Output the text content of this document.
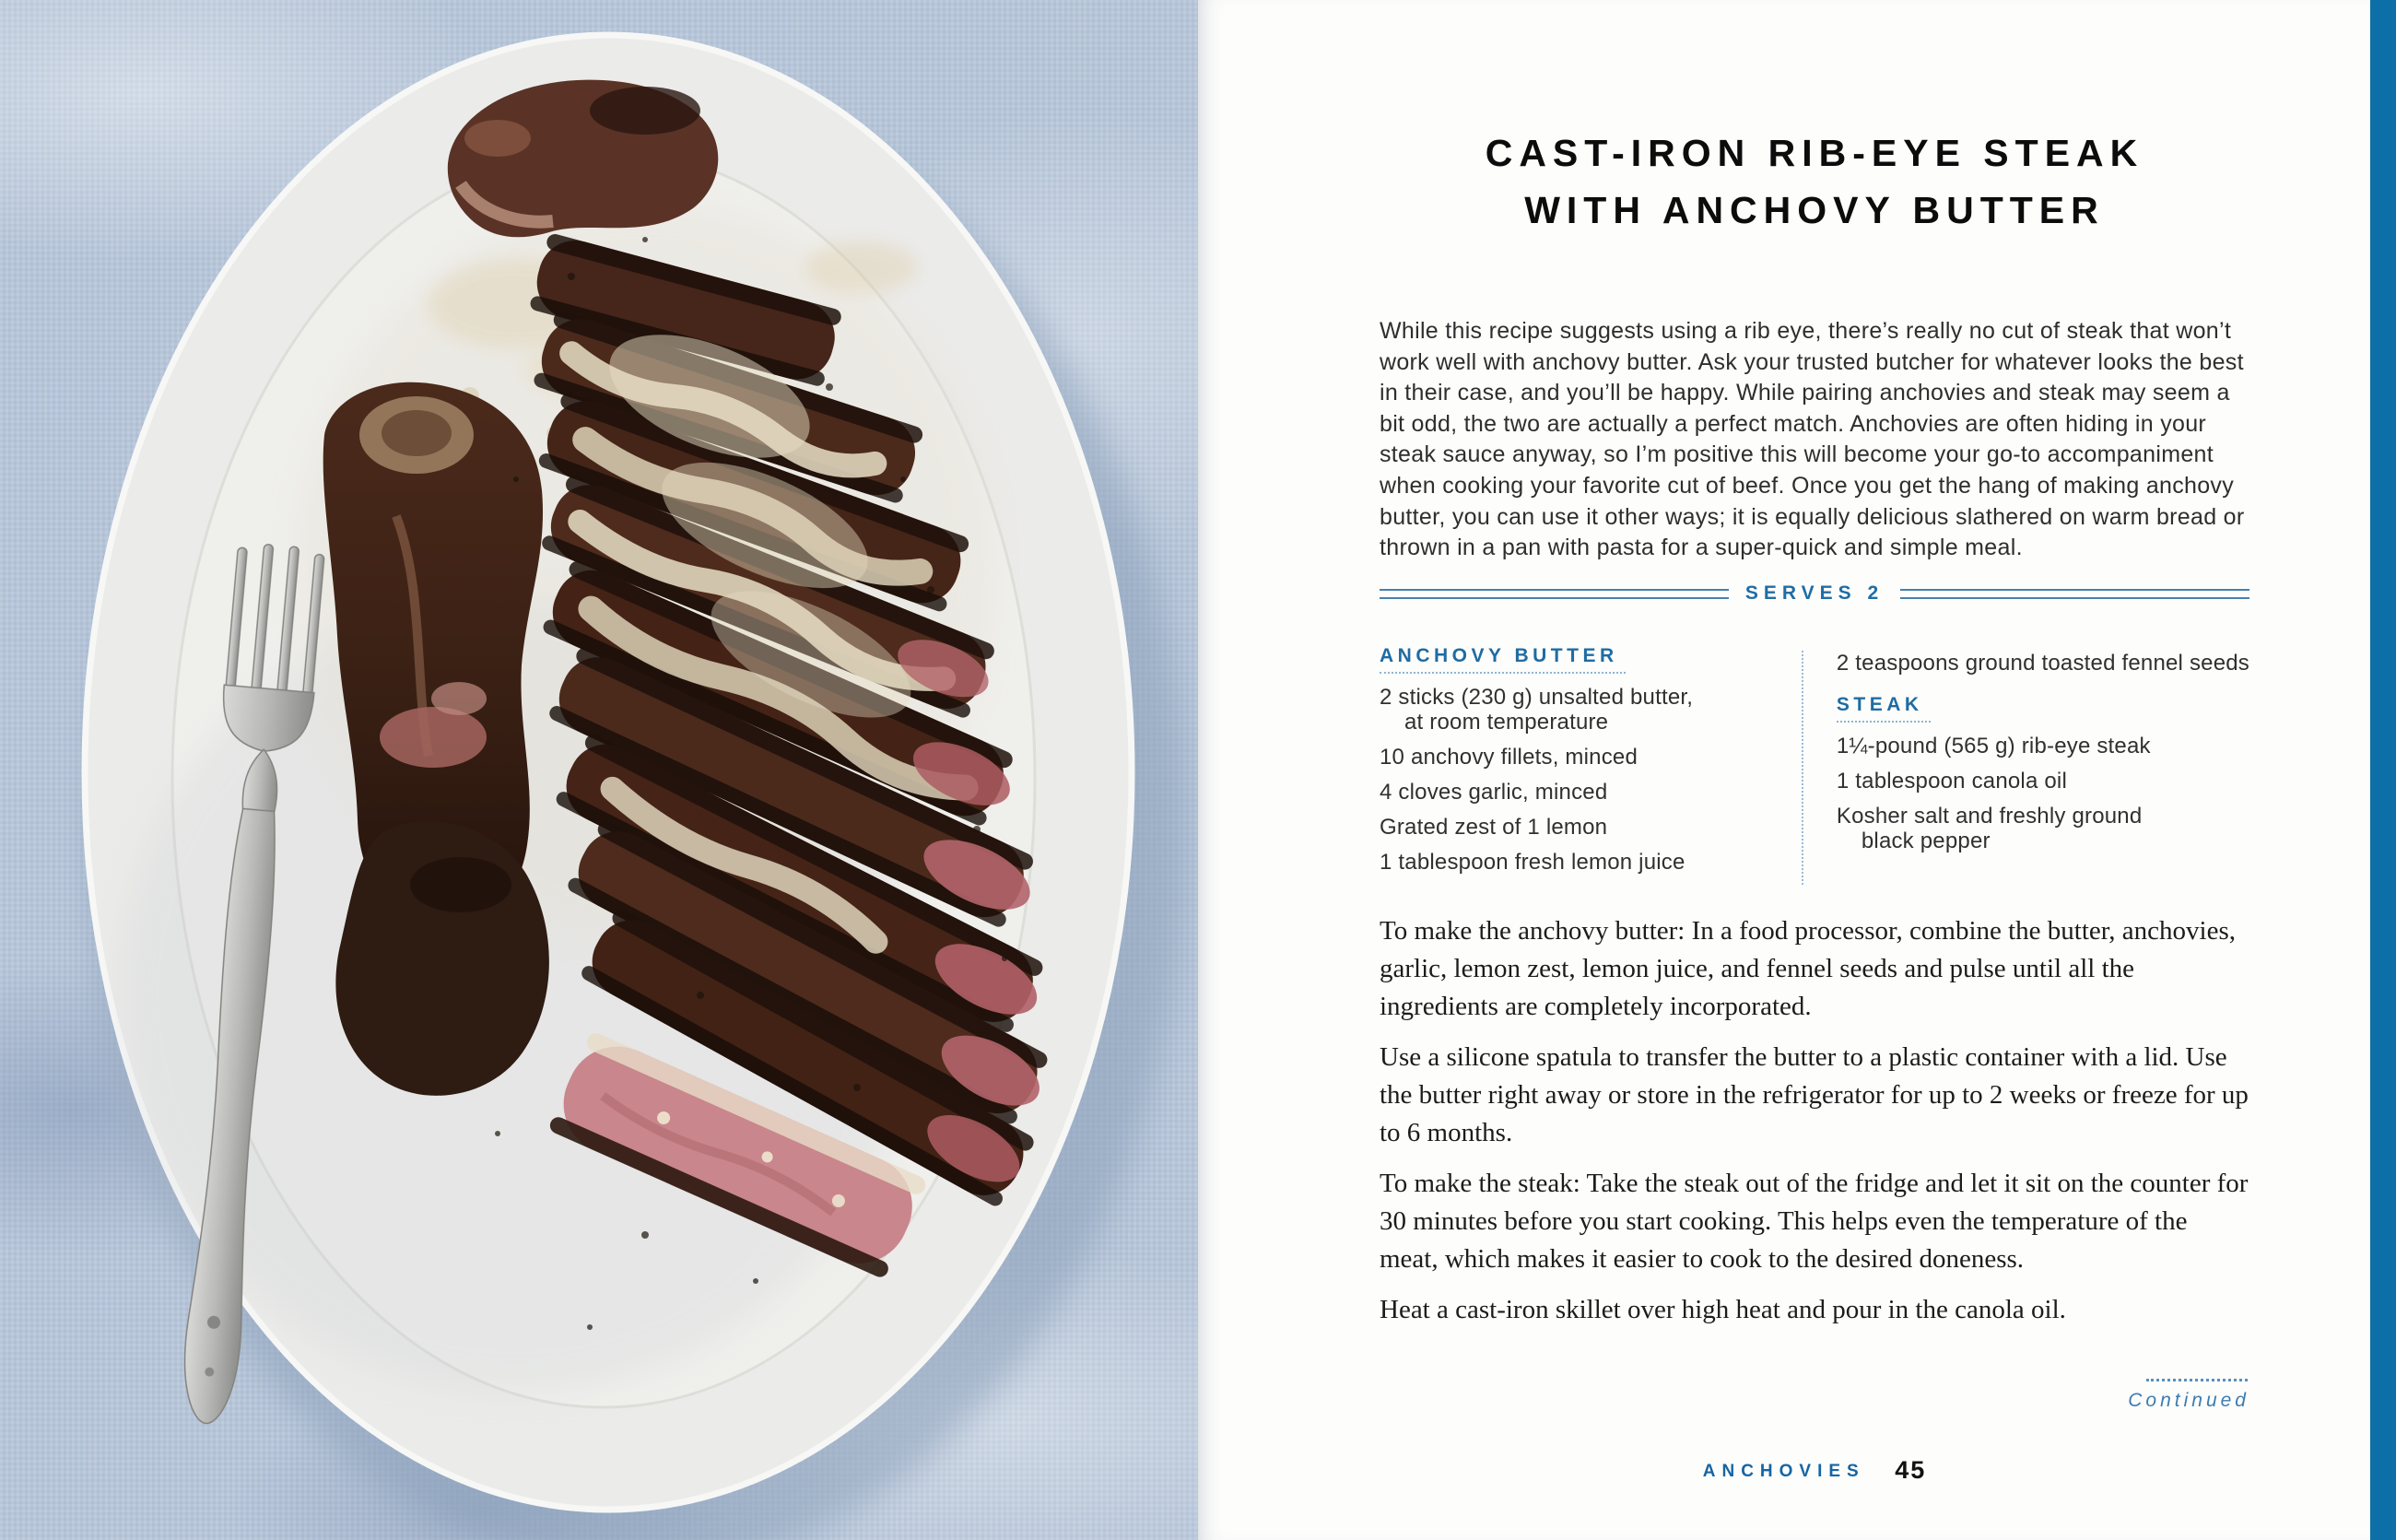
CAST-IRON RIB-EYE STEAK
WITH ANCHOVY BUTTER

While this recipe suggests using a rib eye, there’s really no cut of steak that won’t work well with anchovy butter. Ask your trusted butcher for whatever looks the best in their case, and you’ll be happy. While pairing anchovies and steak may seem a bit odd, the two are actually a perfect match. Anchovies are often hiding in your steak sauce anyway, so I’m positive this will become your go-to accompaniment when cooking your favorite cut of beef. Once you get the hang of making anchovy butter, you can use it other ways; it is equally delicious slathered on warm bread or thrown in a pan with pasta for a super-quick and simple meal.

SERVES 2
ANCHOVY BUTTER
2 sticks (230 g) unsalted butter,
at room temperature
10 anchovy fillets, minced
4 cloves garlic, minced
Grated zest of 1 lemon
1 tablespoon fresh lemon juice
2 teaspoons ground toasted fennel seeds
STEAK
1¼-pound (565 g) rib-eye steak
1 tablespoon canola oil
Kosher salt and freshly ground
black pepper

To make the anchovy butter: In a food processor, combine the butter, anchovies, garlic, lemon zest, lemon juice, and fennel seeds and pulse until all the ingredients are completely incorporated.

Use a silicone spatula to transfer the butter to a plastic container with a lid. Use the butter right away or store in the refrigerator for up to 2 weeks or freeze for up to 6 months.

To make the steak: Take the steak out of the fridge and let it sit on the counter for 30 minutes before you start cooking. This helps even the temperature of the meat, which makes it easier to cook to the desired doneness.

Heat a cast-iron skillet over high heat and pour in the canola oil.

Continued
ANCHOVIES 45
